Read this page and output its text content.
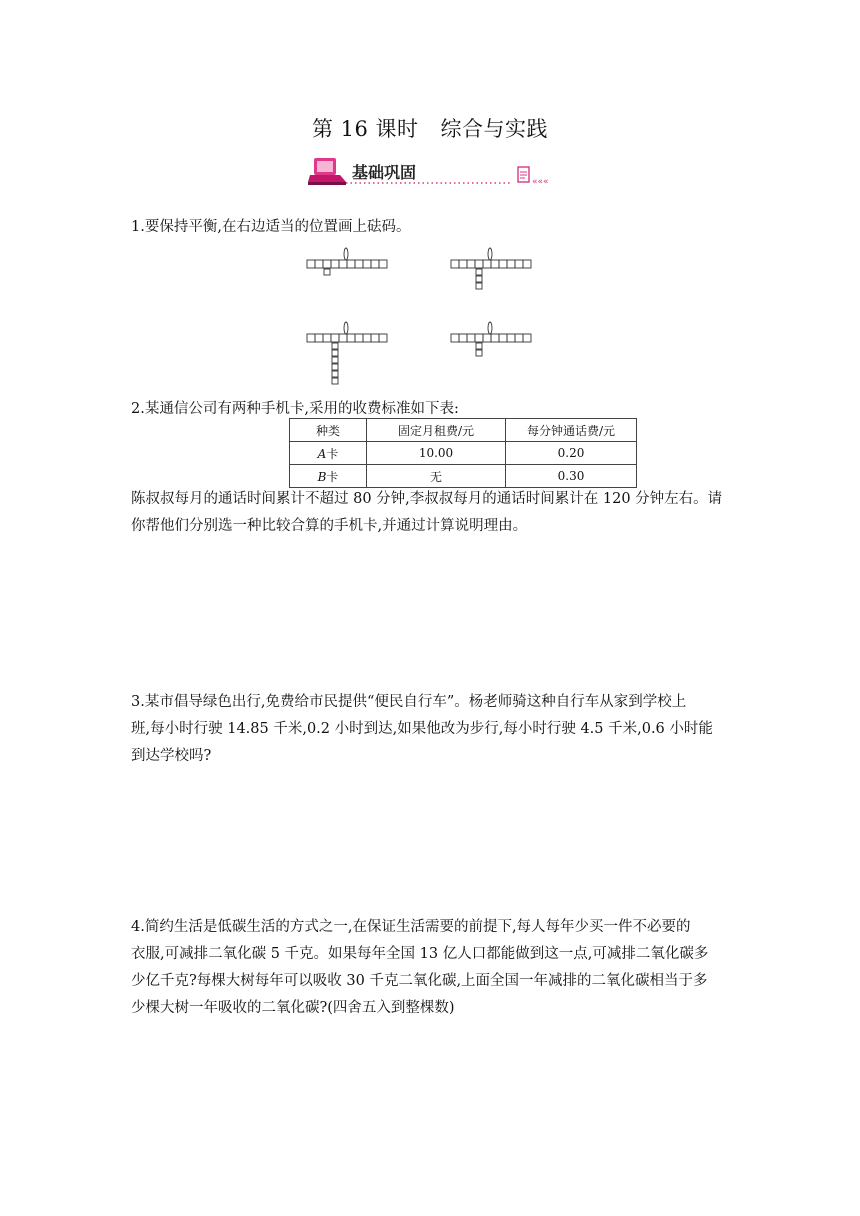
第 16 课时 综合与实践
«««
基础巩固
1.要保持平衡,在右边适当的位置画上砝码。
2.某通信公司有两种手机卡,采用的收费标准如下表:
种类	固定月租费/元	每分钟通话费/元
A卡	10.00	0.20
B卡	无	0.30
陈叔叔每月的通话时间累计不超过 80 分钟,李叔叔每月的通话时间累计在 120 分钟左右。请
你帮他们分别选一种比较合算的手机卡,并通过计算说明理由。
3.某市倡导绿色出行,免费给市民提供“便民自行车”。杨老师骑这种自行车从家到学校上
班,每小时行驶 14.85 千米,0.2 小时到达,如果他改为步行,每小时行驶 4.5 千米,0.6 小时能
到达学校吗?
4.简约生活是低碳生活的方式之一,在保证生活需要的前提下,每人每年少买一件不必要的
衣服,可减排二氧化碳 5 千克。如果每年全国 13 亿人口都能做到这一点,可减排二氧化碳多
少亿千克?每棵大树每年可以吸收 30 千克二氧化碳,上面全国一年减排的二氧化碳相当于多
少棵大树一年吸收的二氧化碳?(四舍五入到整棵数)
